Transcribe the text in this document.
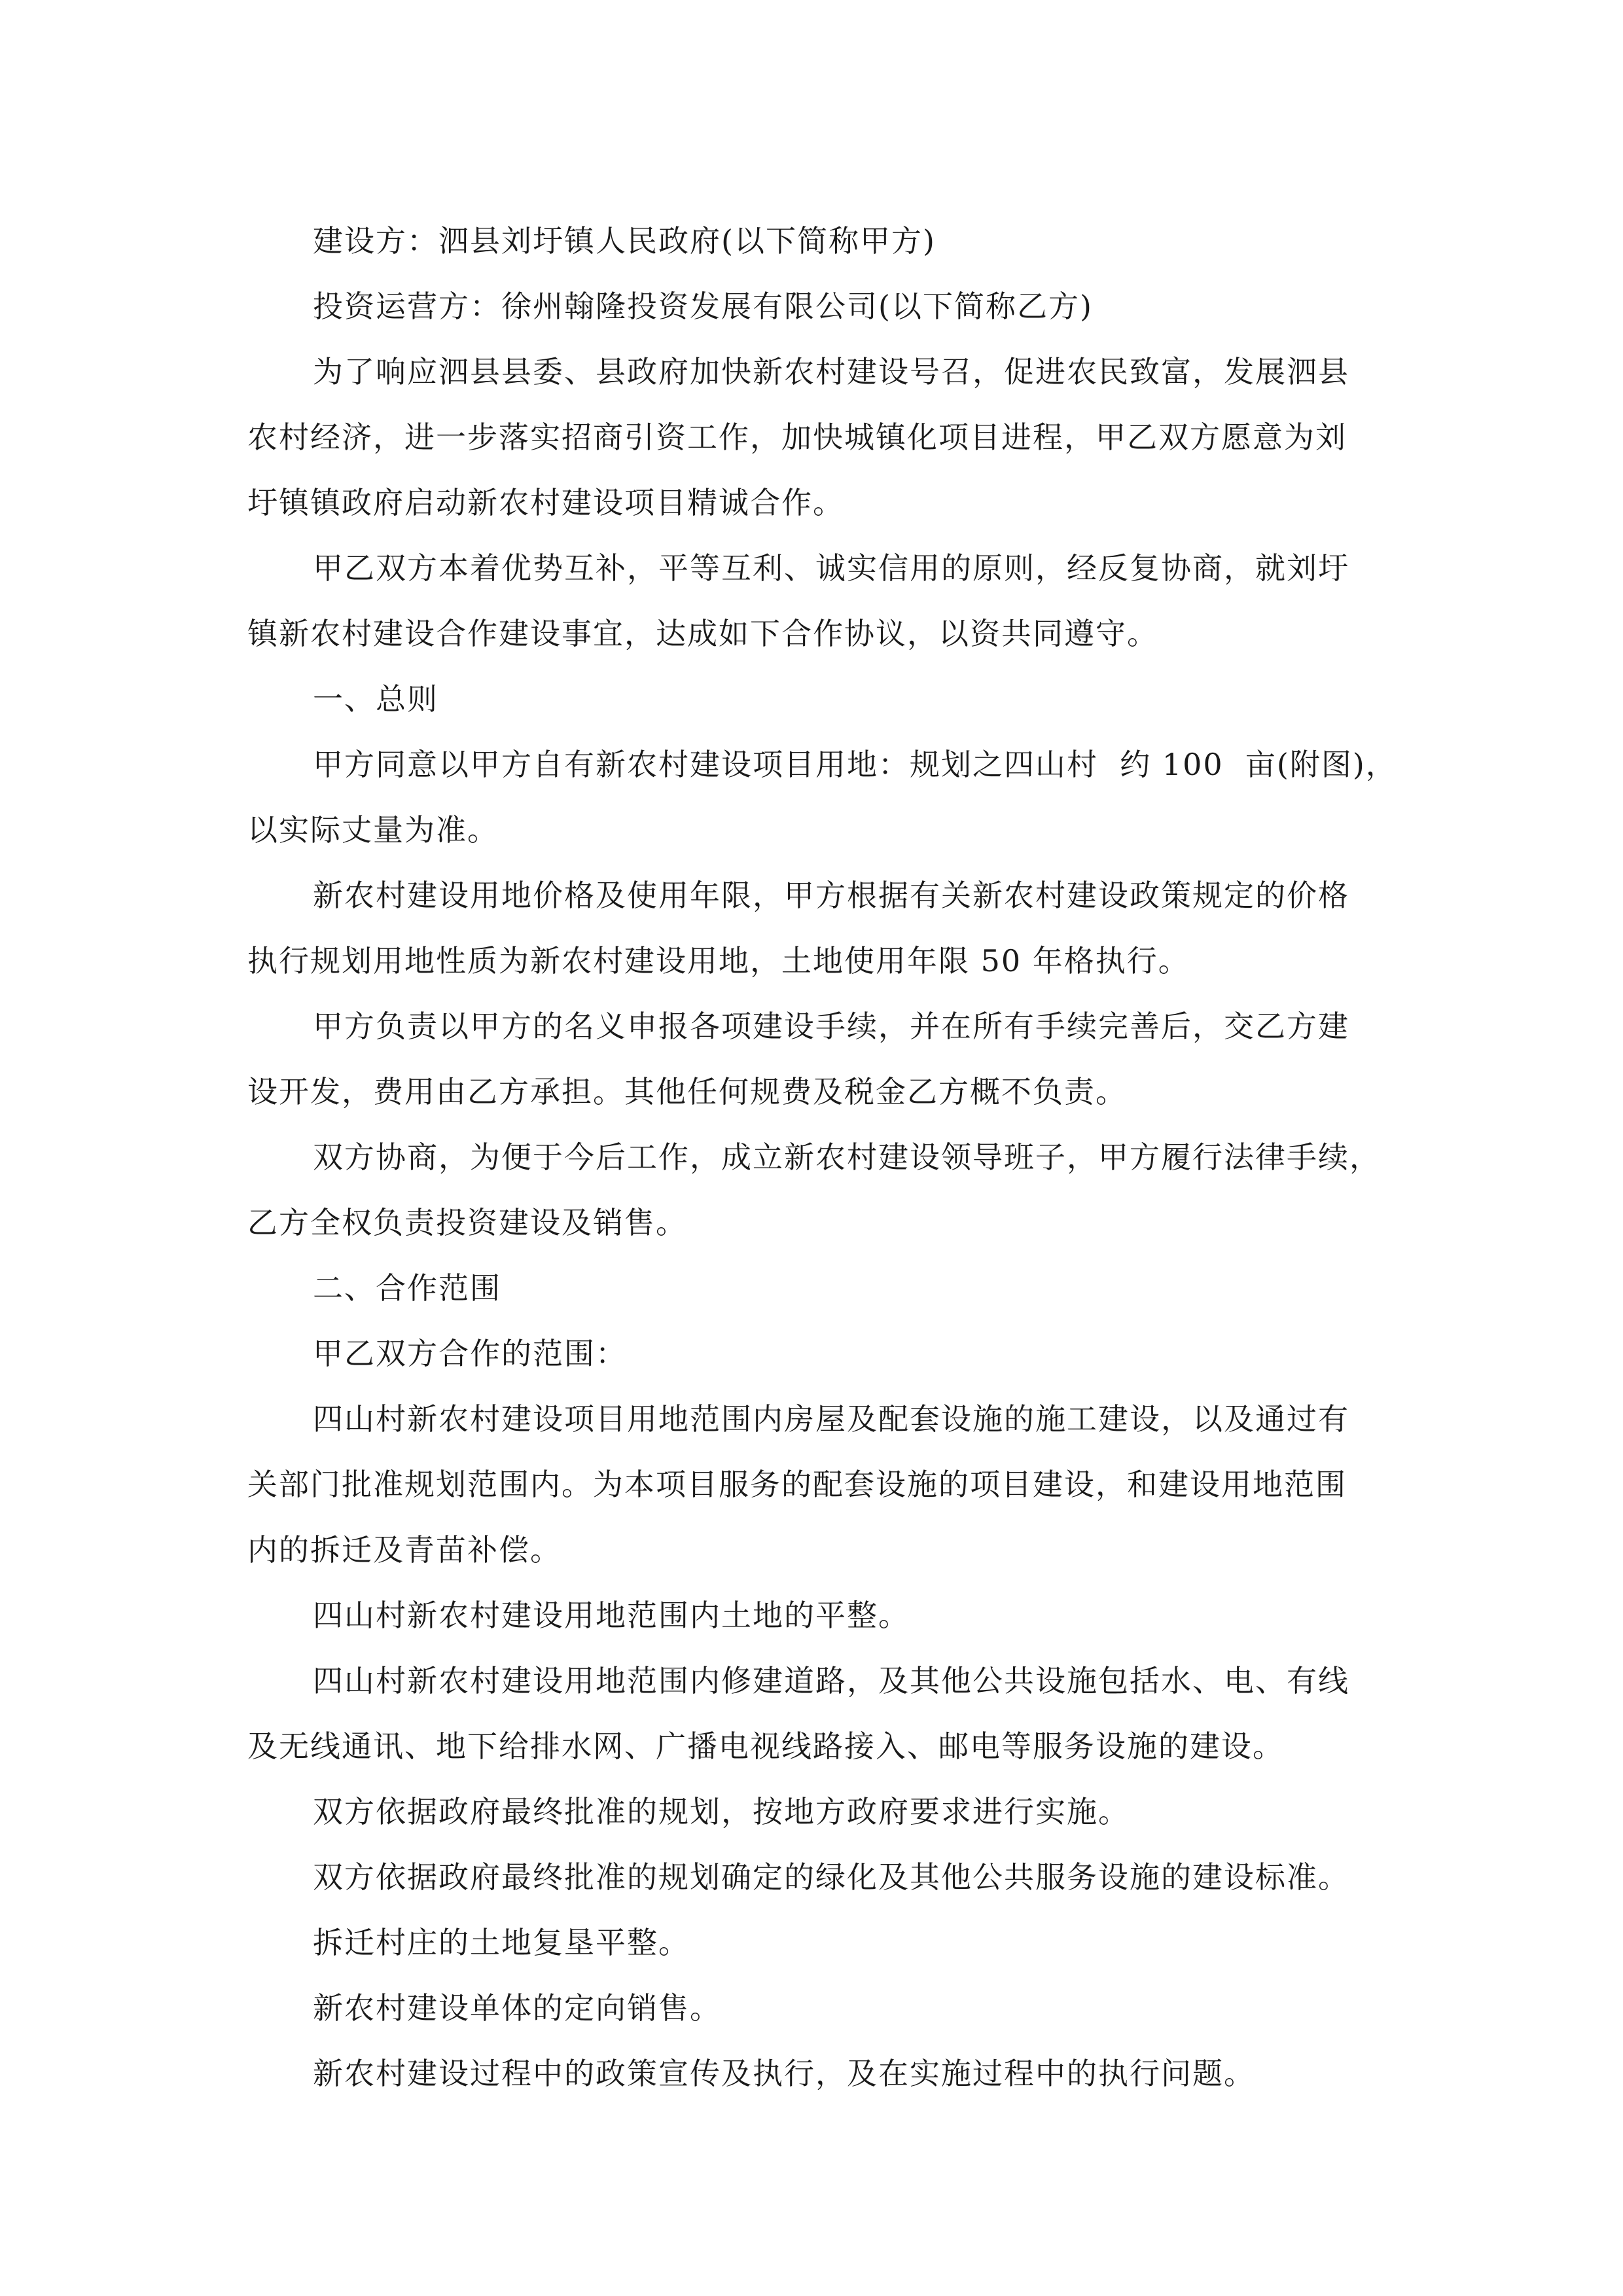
建设方：泗县刘圩镇人民政府(以下简称甲方)

投资运营方：徐州翰隆投资发展有限公司(以下简称乙方)

为了响应泗县县委、县政府加快新农村建设号召，促进农民致富，发展泗县

农村经济，进一步落实招商引资工作，加快城镇化项目进程，甲乙双方愿意为刘

圩镇镇政府启动新农村建设项目精诚合作。

甲乙双方本着优势互补，平等互利、诚实信用的原则，经反复协商，就刘圩

镇新农村建设合作建设事宜，达成如下合作协议，以资共同遵守。

一、总则

甲方同意以甲方自有新农村建设项目用地：规划之四山村  约 100  亩(附图)，

以实际丈量为准。

新农村建设用地价格及使用年限，甲方根据有关新农村建设政策规定的价格

执行规划用地性质为新农村建设用地，土地使用年限 50 年格执行。

甲方负责以甲方的名义申报各项建设手续，并在所有手续完善后，交乙方建

设开发，费用由乙方承担。其他任何规费及税金乙方概不负责。

双方协商，为便于今后工作，成立新农村建设领导班子，甲方履行法律手续，

乙方全权负责投资建设及销售。

二、合作范围

甲乙双方合作的范围：

四山村新农村建设项目用地范围内房屋及配套设施的施工建设，以及通过有

关部门批准规划范围内。为本项目服务的配套设施的项目建设，和建设用地范围

内的拆迁及青苗补偿。

四山村新农村建设用地范围内土地的平整。

四山村新农村建设用地范围内修建道路，及其他公共设施包括水、电、有线

及无线通讯、地下给排水网、广播电视线路接入、邮电等服务设施的建设。

双方依据政府最终批准的规划，按地方政府要求进行实施。

双方依据政府最终批准的规划确定的绿化及其他公共服务设施的建设标准。

拆迁村庄的土地复垦平整。

新农村建设单体的定向销售。

新农村建设过程中的政策宣传及执行，及在实施过程中的执行问题。
